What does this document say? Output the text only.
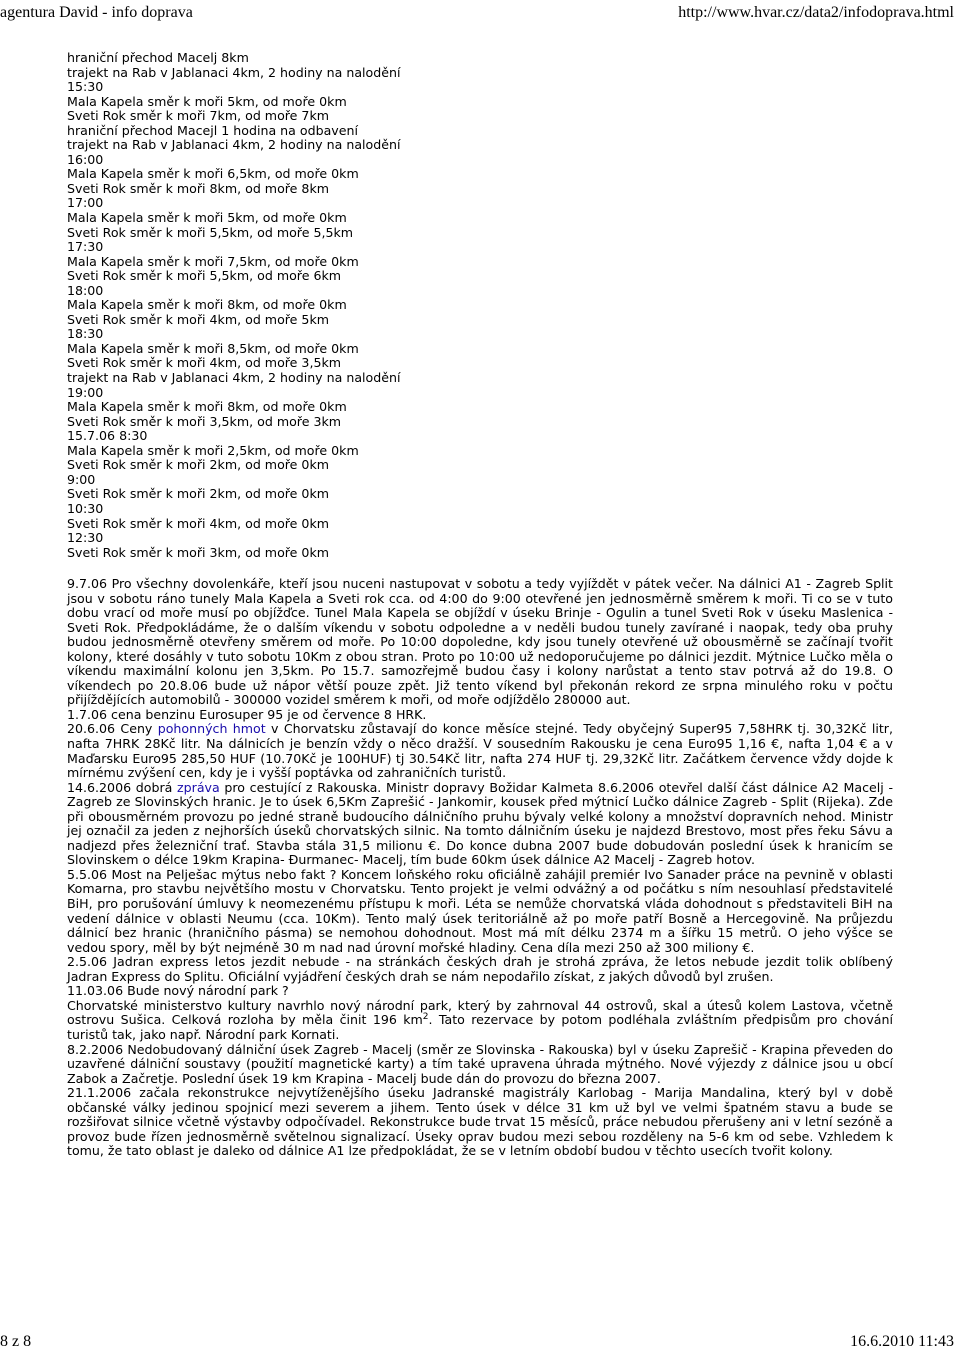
agentura David - info doprava	http://www.hvar.cz/data2/infodoprava.html
hraniční přechod Macelj 8km
trajekt na Rab v Jablanaci 4km, 2 hodiny na nalodění
15:30
Mala Kapela směr k moři 5km, od moře 0km
Sveti Rok směr k moři 7km, od moře 7km
hraniční přechod Macejl 1 hodina na odbavení
trajekt na Rab v Jablanaci 4km, 2 hodiny na nalodění
16:00
Mala Kapela směr k moři 6,5km, od moře 0km
Sveti Rok směr k moři 8km, od moře 8km
17:00
Mala Kapela směr k moři 5km, od moře 0km
Sveti Rok směr k moři 5,5km, od moře 5,5km
17:30
Mala Kapela směr k moři 7,5km, od moře 0km
Sveti Rok směr k moři 5,5km, od moře 6km
18:00
Mala Kapela směr k moři 8km, od moře 0km
Sveti Rok směr k moři 4km, od moře 5km
18:30
Mala Kapela směr k moři 8,5km, od moře 0km
Sveti Rok směr k moři 4km, od moře 3,5km
trajekt na Rab v Jablanaci 4km, 2 hodiny na nalodění
19:00
Mala Kapela směr k moři 8km, od moře 0km
Sveti Rok směr k moři 3,5km, od moře 3km
15.7.06 8:30
Mala Kapela směr k moři 2,5km, od moře 0km
Sveti Rok směr k moři 2km, od moře 0km
9:00
Sveti Rok směr k moři 2km, od moře 0km
10:30
Sveti Rok směr k moři 4km, od moře 0km
12:30
Sveti Rok směr k moři 3km, od moře 0km

9.7.06 Pro všechny dovolenkáře, kteří jsou nuceni nastupovat v sobotu a tedy vyjíždět v pátek večer. Na dálnici A1 - Zagreb Split jsou v sobotu ráno tunely Mala Kapela a Sveti rok cca. od 4:00 do 9:00 otevřené jen jednosměrně směrem k moři. Ti co se v tuto dobu vrací od moře musí po objížďce. Tunel Mala Kapela se objíždí v úseku Brinje - Ogulin a tunel Sveti Rok v úseku Maslenica - Sveti Rok. Předpokládáme, že o dalším víkendu v sobotu odpoledne a v neděli budou tunely zavírané i naopak, tedy oba pruhy budou jednosměrně otevřeny směrem od moře. Po 10:00 dopoledne, kdy jsou tunely otevřené už obousměrně se začínají tvořit kolony, které dosáhly v tuto sobotu 10Km z obou stran. Proto po 10:00 už nedoporučujeme po dálnici jezdit. Mýtnice Lučko měla o víkendu maximální kolonu jen 3,5km. Po 15.7. samozřejmě budou časy i kolony narůstat a tento stav potrvá až do 19.8. O víkendech po 20.8.06 bude už nápor větší pouze zpět. Již tento víkend byl překonán rekord ze srpna minulého roku v počtu přijíždějících automobilů - 300000 vozidel směrem k moři, od moře odjíždělo 280000 aut.

1.7.06 cena benzinu Eurosuper 95 je od července 8 HRK.

20.6.06 Ceny pohonných hmot v Chorvatsku zůstavají do konce měsíce stejné. Tedy obyčejný Super95 7,58HRK tj. 30,32Kč litr, nafta 7HRK 28Kč litr. Na dálnicích je benzín vždy o něco dražší. V sousedním Rakousku je cena Euro95 1,16 €, nafta 1,04 € a v Maďarsku Euro95 285,50 HUF (10.70Kč je 100HUF) tj 30.54Kč litr, nafta 274 HUF tj. 29,32Kč litr. Začátkem července vždy dojde k mírnému zvýšení cen, kdy je i vyšší poptávka od zahraničních turistů.

14.6.2006 dobrá zpráva pro cestující z Rakouska. Ministr dopravy Božidar Kalmeta 8.6.2006 otevřel další část dálnice A2 Macelj - Zagreb ze Slovinských hranic. Je to úsek 6,5Km Zaprešić - Jankomir, kousek před mýtnicí Lučko dálnice Zagreb - Split (Rijeka). Zde při obousměrném provozu po jedné straně budoucího dálničního pruhu bývaly velké kolony a množství dopravních nehod. Ministr jej označil za jeden z nejhorších úseků chorvatských silnic. Na tomto dálničním úseku je najdezd Brestovo, most přes řeku Sávu a nadjezd přes železniční trať. Stavba stála 31,5 milionu €. Do konce dubna 2007 bude dobudován poslední úsek k hranicím se Slovinskem o délce 19km Krapina- Đurmanec- Macelj, tím bude 60km úsek dálnice A2 Macelj - Zagreb hotov.

5.5.06 Most na Pelješac mýtus nebo fakt ? Koncem loňského roku oficiálně zahájil premiér Ivo Sanader práce na pevnině v oblasti Komarna, pro stavbu největšího mostu v Chorvatsku. Tento projekt je velmi odvážný a od počátku s ním nesouhlasí představitelé BiH, pro porušování úmluvy k neomezenému přístupu k moři. Léta se nemůže chorvatská vláda dohodnout s představiteli BiH na vedení dálnice v oblasti Neumu (cca. 10Km). Tento malý úsek teritoriálně až po moře patří Bosně a Hercegovině. Na průjezdu dálnicí bez hranic (hraničního pásma) se nemohou dohodnout. Most má mít délku 2374 m a šířku 15 metrů. O jeho výšce se vedou spory, měl by být nejméně 30 m nad nad úrovní mořské hladiny. Cena díla mezi 250 až 300 miliony €.

2.5.06 Jadran express letos jezdit nebude - na stránkách českých drah je strohá zpráva, že letos nebude jezdit tolik oblíbený Jadran Express do Splitu. Oficiální vyjádření českých drah se nám nepodařilo získat, z jakých důvodů byl zrušen.

11.03.06 Bude nový národní park ?

Chorvatské ministerstvo kultury navrhlo nový národní park, který by zahrnoval 44 ostrovů, skal a útesů kolem Lastova, včetně ostrovu Sušica. Celková rozloha by měla činit 196 $km^2$. Tato rezervace by potom podléhala zvláštním předpisům pro chování turistů tak, jako např. Národní park Kornati.

8.2.2006 Nedobudovaný dálniční úsek Zagreb - Macelj (směr ze Slovinska - Rakouska) byl v úseku Zaprešič - Krapina převeden do uzavřené dálniční soustavy (použití magnetické karty) a tím také upravena úhrada mýtného. Nové výjezdy z dálnice jsou u obcí Zabok a Začretje. Poslední úsek 19 km Krapina - Macelj bude dán do provozu do března 2007.

21.1.2006 začala rekonstrukce nejvytíženějšího úseku Jadranské magistrály Karlobag - Marija Mandalina, který byl v době občanské války jedinou spojnicí mezi severem a jihem. Tento úsek v délce 31 km už byl ve velmi špatném stavu a bude se rozšiřovat silnice včetně výstavby odpočívadel. Rekonstrukce bude trvat 15 měsíců, práce nebudou přerušeny ani v letní sezóně a provoz bude řízen jednosměrně světelnou signalizací. Úseky oprav budou mezi sebou rozděleny na 5-6 km od sebe. Vzhledem k tomu, že tato oblast je daleko od dálnice A1 lze předpokládat, že se v letním období budou v těchto usecích tvořit kolony.

8 z 8	16.6.2010 11:43
